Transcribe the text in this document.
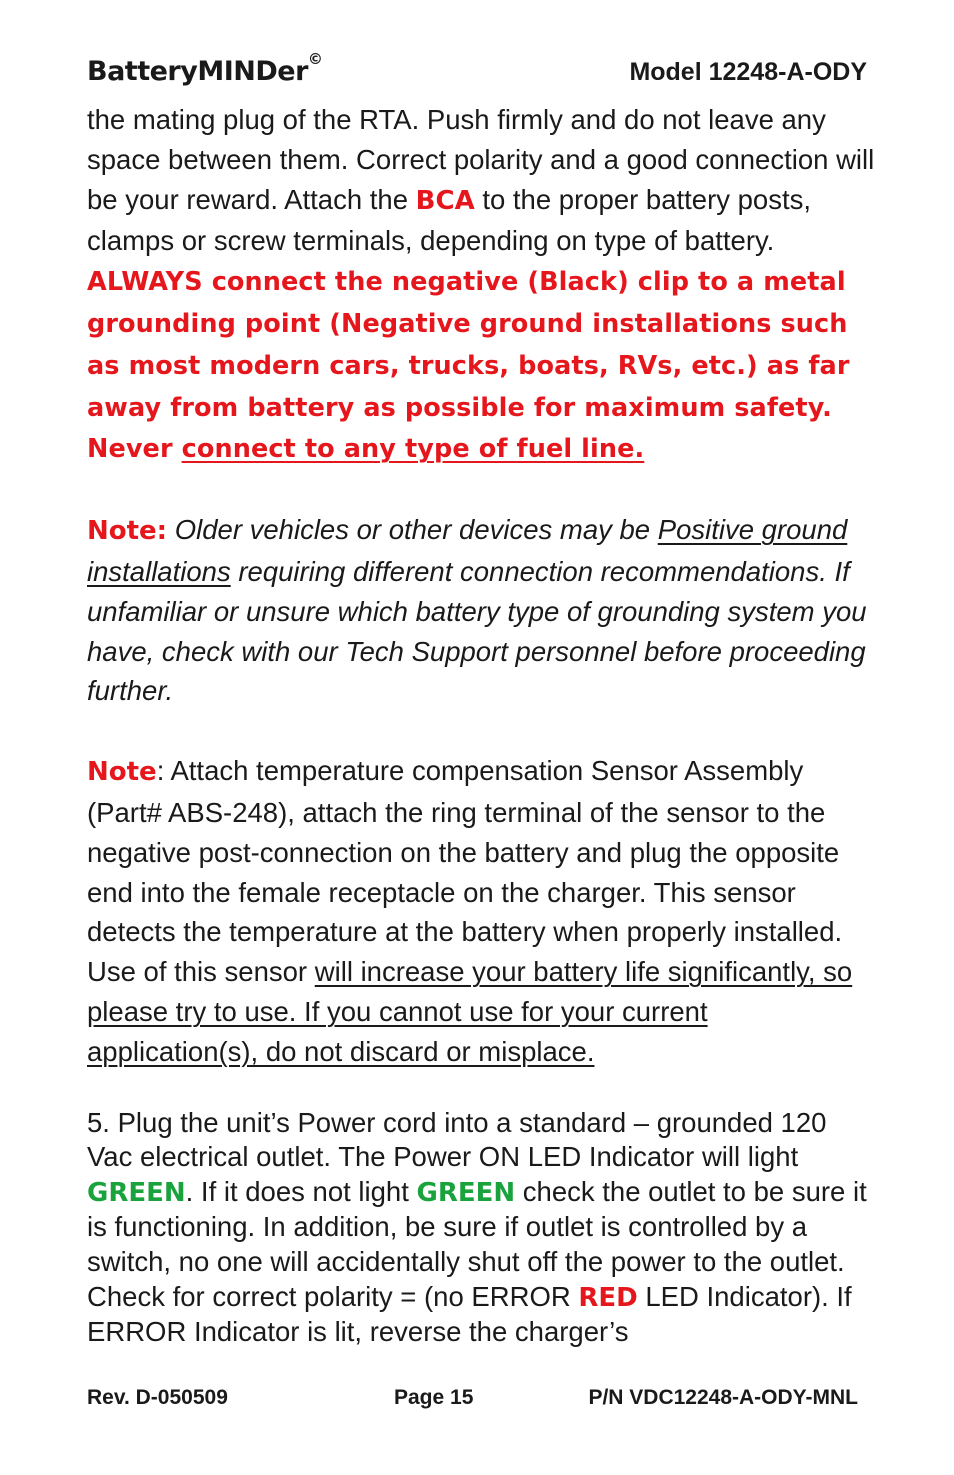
BatteryMINDer©	Model 12248-A-ODY

the mating plug of the RTA. Push firmly and do not leave any space between them. Correct polarity and a good connection will be your reward. Attach the BCA to the proper battery posts, clamps or screw terminals, depending on type of battery. ALWAYS connect the negative (Black) clip to a metal grounding point (Negative ground installations such as most modern cars, trucks, boats, RVs, etc.) as far away from battery as possible for maximum safety. Never connect to any type of fuel line.

Note: Older vehicles or other devices may be Positive ground installations requiring different connection recommendations. If unfamiliar or unsure which battery type of grounding system you have, check with our Tech Support personnel before proceeding further.

Note: Attach temperature compensation Sensor Assembly (Part# ABS-248), attach the ring terminal of the sensor to the negative post-connection on the battery and plug the opposite end into the female receptacle on the charger. This sensor detects the temperature at the battery when properly installed. Use of this sensor will increase your battery life significantly, so please try to use. If you cannot use for your current application(s), do not discard or misplace.

5. Plug the unit’s Power cord into a standard – grounded 120 Vac electrical outlet. The Power ON LED Indicator will light GREEN. If it does not light GREEN check the outlet to be sure it is functioning. In addition, be sure if outlet is controlled by a switch, no one will accidentally shut off the power to the outlet. Check for correct polarity = (no ERROR RED LED Indicator). If ERROR Indicator is lit, reverse the charger’s

Rev. D-050509	Page 15	P/N VDC12248-A-ODY-MNL
